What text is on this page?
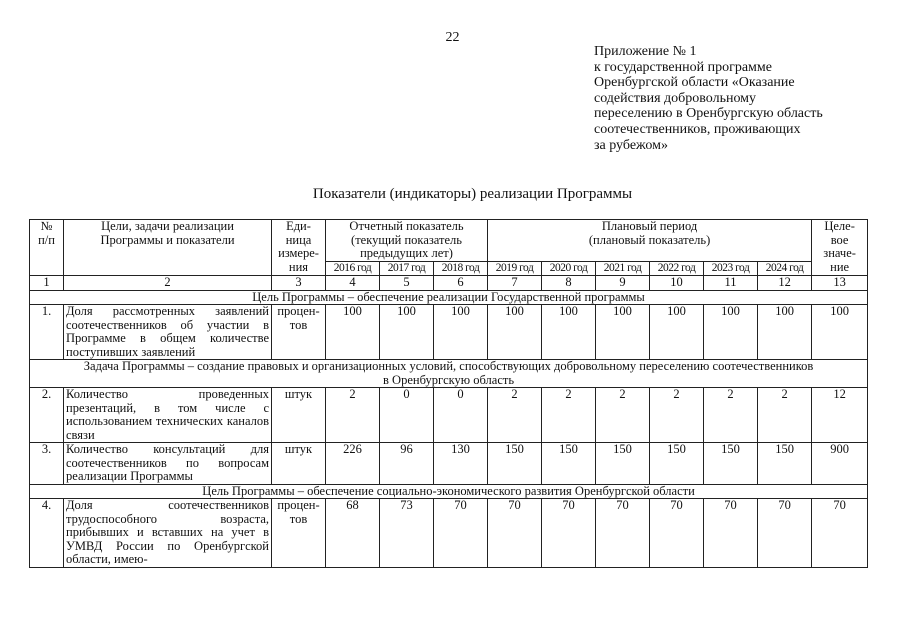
22
Приложение № 1
к государственной программе
Оренбургской области «Оказание
содействия добровольному
переселению в Оренбургскую область
соотечественников, проживающих
за рубежом»
Показатели (индикаторы) реализации Программы
№
п/п	Цели, задачи реализации
Программы и показатели	Еди-
ница
измере-
ния	Отчетный показатель
(текущий показатель
предыдущих лет)			Плановый период
(плановый показатель)						Целе-
вое
значе-
ние
			2016 год	2017 год	2018 год	2019 год	2020 год	2021 год	2022 год	2023 год	2024 год	
1	2	3	4	5	6	7	8	9	10	11	12	13
Цель Программы – обеспечение реализации Государственной программы												
1.	Доля рассмотренных заявлений соотечественников об участии в Программе в общем количестве поступивших заявлений	процен-
тов	100	100	100	100	100	100	100	100	100	100
Задача Программы – создание правовых и организационных условий, способствующих добровольному переселению соотечественников
в Оренбургскую область												
2.	Количество проведенных презентаций, в том числе с использованием технических каналов связи	штук	2	0	0	2	2	2	2	2	2	12
3.	Количество консультаций для соотечественников по вопросам реализации Программы	штук	226	96	130	150	150	150	150	150	150	900
Цель Программы – обеспечение социально-экономического развития Оренбургской области												
4.	Доля соотечественников трудоспособного возраста, прибывших и вставших на учет в УМВД России по Оренбургской области, имею-	процен-
тов	68	73	70	70	70	70	70	70	70	70
